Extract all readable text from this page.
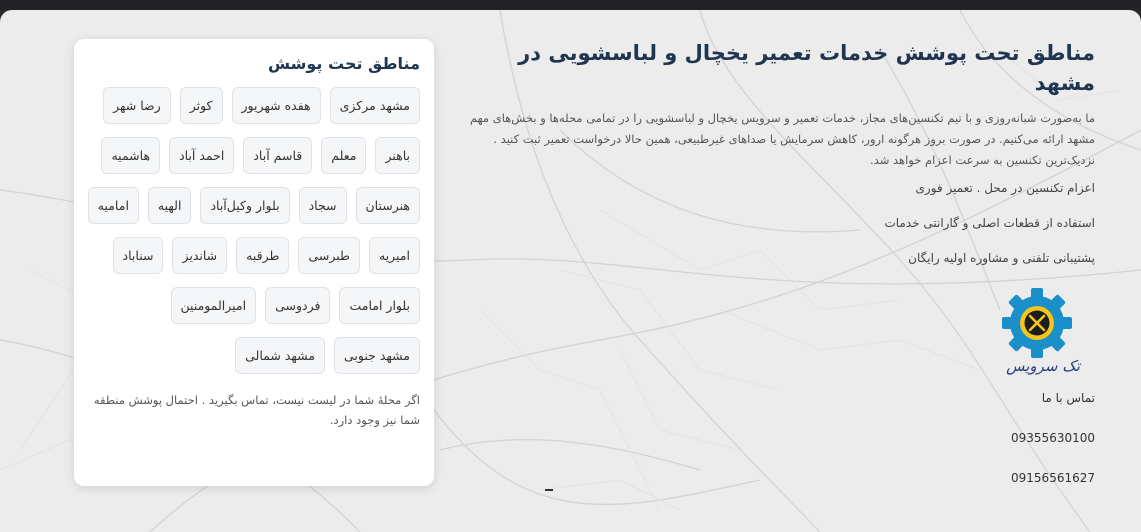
مناطق تحت پوشش خدمات تعمیر یخچال و لباسشویی در مشهد

ما به‌صورت شبانه‌روزی و با تیم تکنسین‌های مجاز، خدمات تعمیر و سرویس یخچال و لباسشویی را در تمامی محله‌ها و بخش‌های مهم مشهد ارائه می‌کنیم. در صورت بروز هرگونه ارور، کاهش سرمایش یا صداهای غیرطبیعی، همین حالا درخواست تعمیر ثبت کنید . نزدیک‌ترین تکنسین به سرعت اعزام خواهد شد.

اعزام تکنسین در محل . تعمیر فوری

استفاده از قطعات اصلی و گارانتی خدمات

پشتیبانی تلفنی و مشاوره اولیه رایگان

تک سرویس

تماس با ما

09355630100

09156561627

مناطق تحت پوشش
مشهد مرکزی
هفده شهریور
کوثر
رضا شهر
باهنر
معلم
قاسم آباد
احمد آباد
هاشمیه
هنرستان
سجاد
بلوار وکیل‌آباد
الهیه
امامیه
امیریه
طبرسی
طرقبه
شاندیز
سناباد
بلوار امامت
فردوسی
امیرالمومنین
مشهد جنوبی
مشهد شمالی

اگر محلهٔ شما در لیست نیست، تماس بگیرید . احتمال پوشش منطقه شما نیز وجود دارد.
